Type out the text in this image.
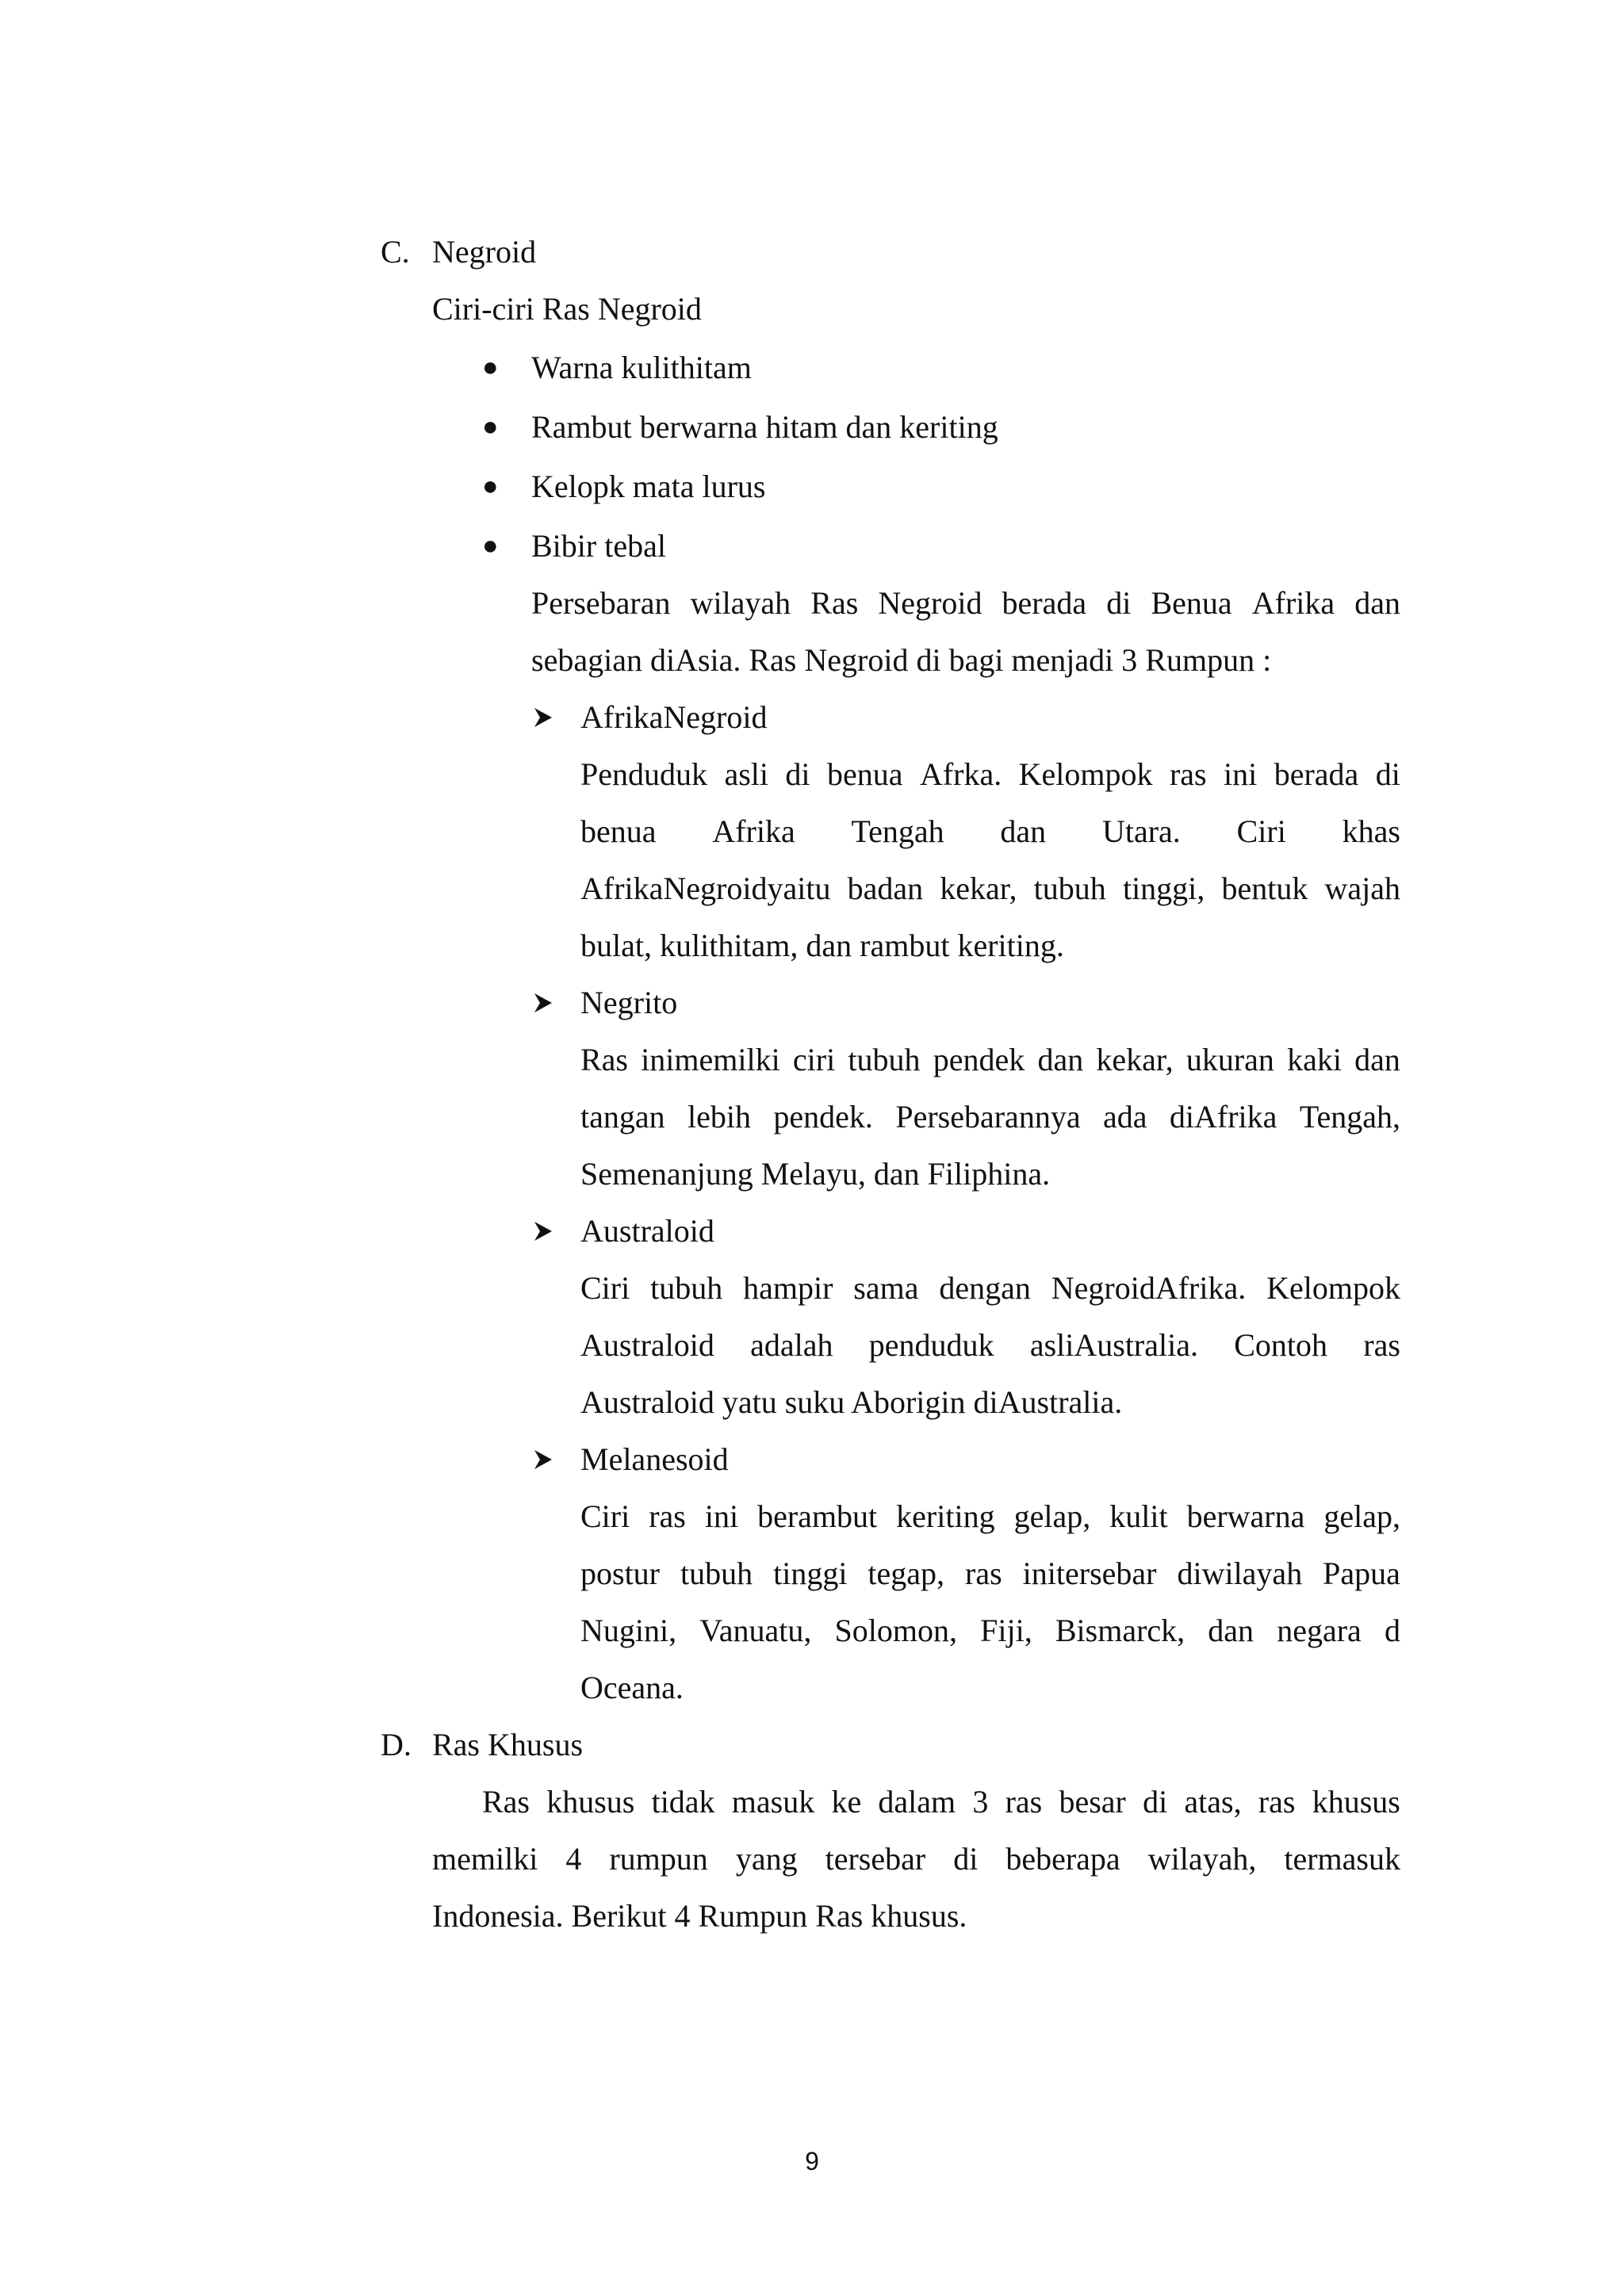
C. Negroid
Ciri-ciri Ras Negroid
● Warna kulithitam
● Rambut berwarna hitam dan keriting
● Kelopk mata lurus
● Bibir tebal
Persebaran wilayah Ras Negroid berada di Benua Afrika dan
sebagian diAsia. Ras Negroid di bagi menjadi 3 Rumpun :
AfrikaNegroid
Penduduk asli di benua Afrka. Kelompok ras ini berada di
benua Afrika Tengah dan Utara. Ciri khas
AfrikaNegroidyaitu badan kekar, tubuh tinggi, bentuk wajah
bulat, kulithitam, dan rambut keriting.
Negrito
Ras inimemilki ciri tubuh pendek dan kekar, ukuran kaki dan
tangan lebih pendek. Persebarannya ada diAfrika Tengah,
Semenanjung Melayu, dan Filiphina.
Australoid
Ciri tubuh hampir sama dengan NegroidAfrika. Kelompok
Australoid adalah penduduk asliAustralia. Contoh ras
Australoid yatu suku Aborigin diAustralia.
Melanesoid
Ciri ras ini berambut keriting gelap, kulit berwarna gelap,
postur tubuh tinggi tegap, ras initersebar diwilayah Papua
Nugini, Vanuatu, Solomon, Fiji, Bismarck, dan negara d
Oceana.
D. Ras Khusus
Ras khusus tidak masuk ke dalam 3 ras besar di atas, ras khusus
memilki 4 rumpun yang tersebar di beberapa wilayah, termasuk
Indonesia. Berikut 4 Rumpun Ras khusus.
9
